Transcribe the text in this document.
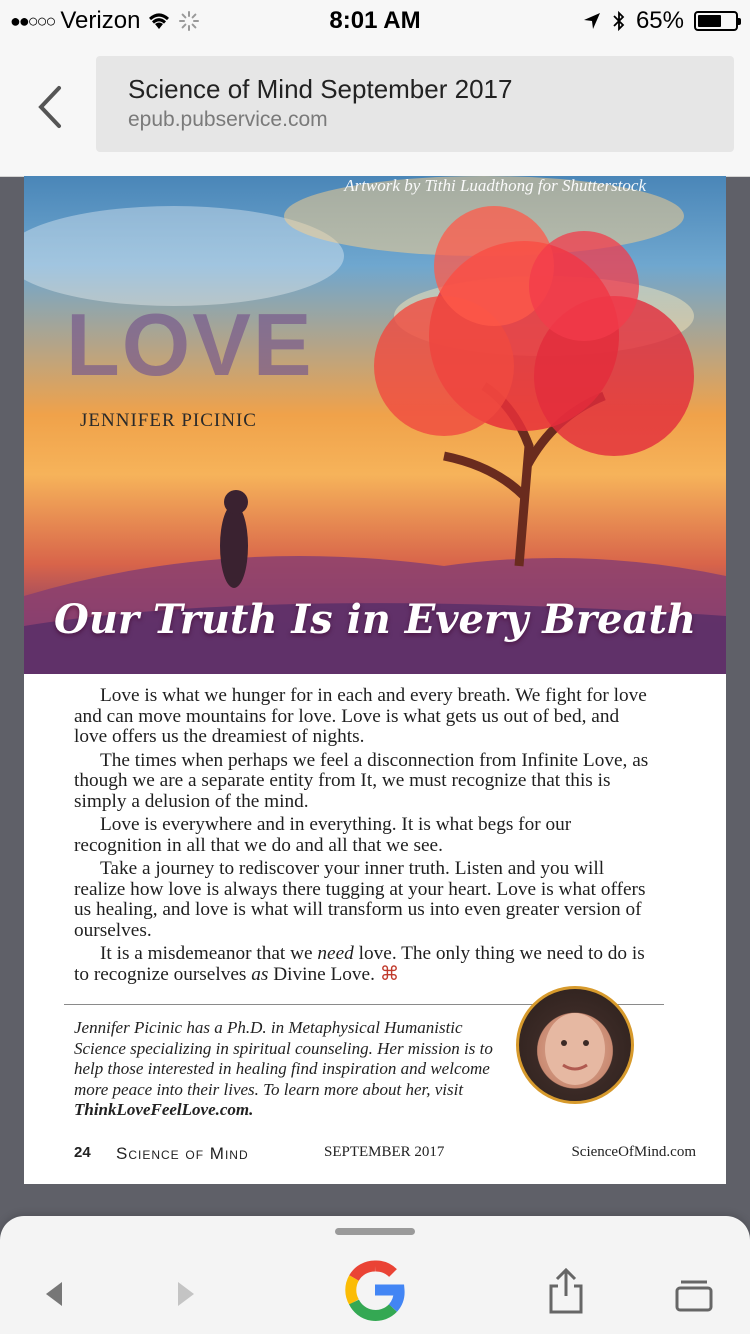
●●○○○ Verizon	8:01 AM	65%
Science of Mind September 2017
epub.pubservice.com
Artwork by Tithi Luadthong for Shutterstock
LOVE
JENNIFER PICINIC
Our Truth Is in Every Breath

Love is what we hunger for in each and every breath. We fight for love and can move mountains for love. Love is what gets us out of bed, and love offers us the dreamiest of nights.

The times when perhaps we feel a disconnection from Infinite Love, as though we are a separate entity from It, we must recognize that this is simply a delusion of the mind.

Love is everywhere and in everything. It is what begs for our recognition in all that we do and all that we see.

Take a journey to rediscover your inner truth. Listen and you will realize how love is always there tugging at your heart. Love is what offers us healing, and love is what will transform us into even greater version of ourselves.

It is a misdemeanor that we need love. The only thing we need to do is to recognize ourselves as Divine Love. ⌘

Jennifer Picinic has a Ph.D. in Metaphysical Humanistic Science specializing in spiritual counseling. Her mission is to help those interested in healing find inspiration and welcome more peace into their lives. To learn more about her, visit ThinkLoveFeelLove.com.
24 Science of Mind	SEPTEMBER 2017	ScienceOfMind.com
